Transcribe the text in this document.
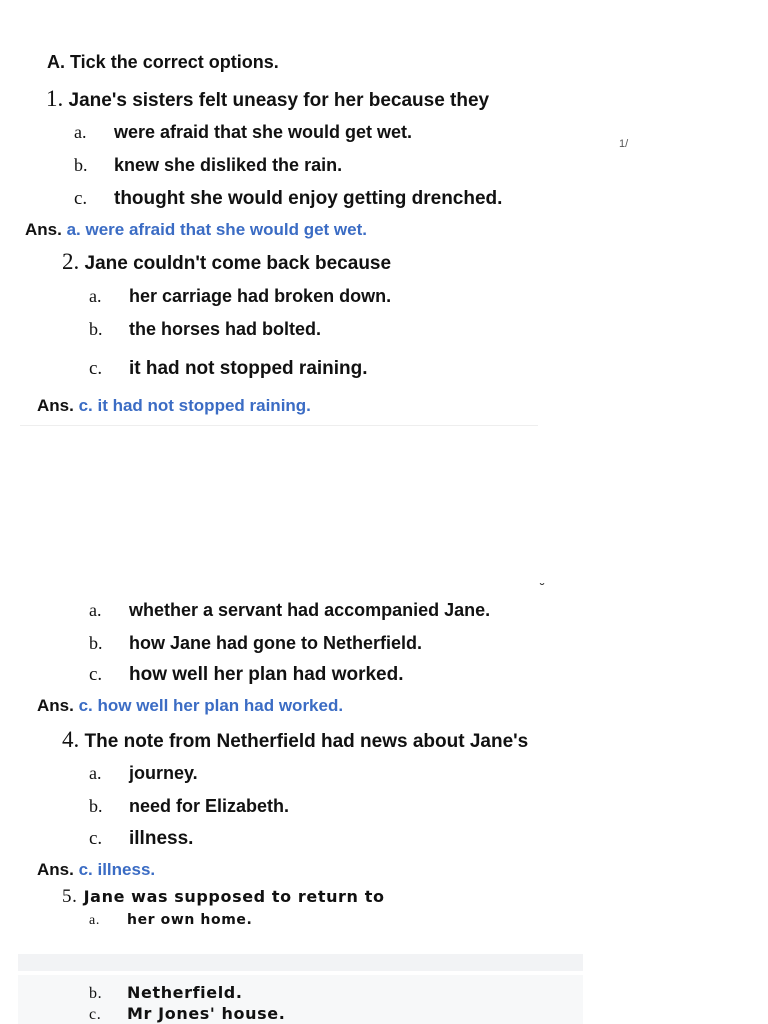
A. Tick the correct options.
1/
1. Jane's sisters felt uneasy for her because they
a. were afraid that she would get wet.
b. knew she disliked the rain.
c. thought she would enjoy getting drenched.
Ans. a. were afraid that she would get wet.
2. Jane couldn't come back because
a. her carriage had broken down.
b. the horses had bolted.
c. it had not stopped raining.
Ans. c. it had not stopped raining.
˘
a. whether a servant had accompanied Jane.
b. how Jane had gone to Netherfield.
c. how well her plan had worked.
Ans. c. how well her plan had worked.
4. The note from Netherfield had news about Jane's
a. journey.
b. need for Elizabeth.
c. illness.
Ans. c. illness.
5. Jane was supposed to return to
a. her own home.
b. Netherfield.
c. Mr Jones' house.
